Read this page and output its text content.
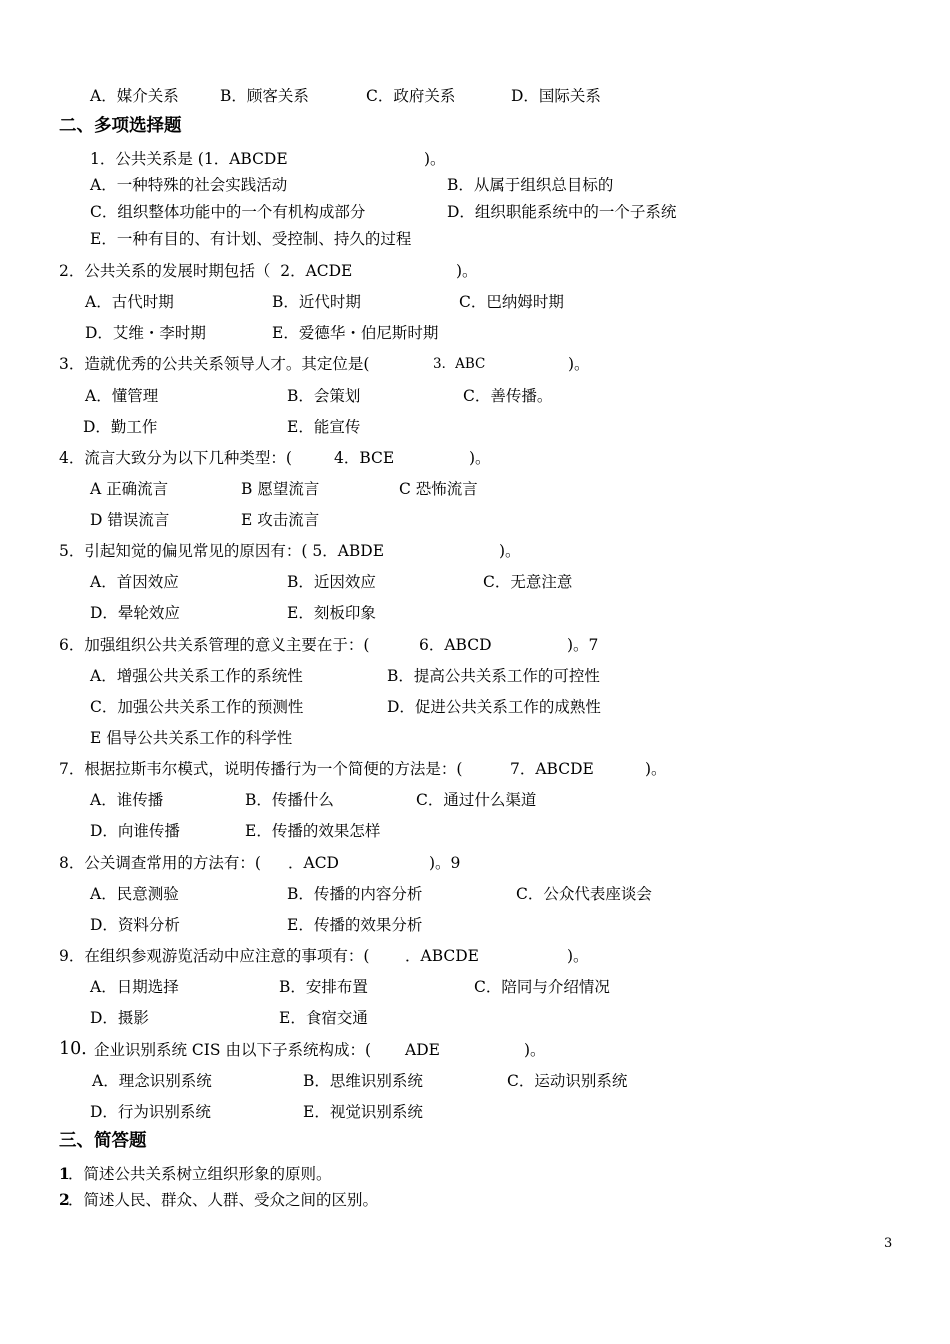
A．媒介关系	B．顾客关系	C．政府关系	D．国际关系
二、多项选择题
1．公共关系是 (1．ABCDE	)。
A．一种特殊的社会实践活动	B．从属于组织总目标的
C．组织整体功能中的一个有机构成部分	D．组织职能系统中的一个子系统
E．一种有目的、有计划、受控制、持久的过程
2．公共关系的发展时期包括（  2．ACDE	)。
A．古代时期	B．近代时期	C．巴纳姆时期
D．艾维・李时期	E．爱德华・伯尼斯时期
3．造就优秀的公共关系领导人才。其定位是(	3．ABC	)。
A．懂管理	B．会策划	C．善传播。
D．勤工作	E．能宣传
4．流言大致分为以下几种类型：(	4．BCE	)。
A 正确流言	B 愿望流言	C 恐怖流言
D 错误流言	E 攻击流言
5．引起知觉的偏见常见的原因有：( 5．ABDE	)。
A．首因效应	B．近因效应	C．无意注意
D．晕轮效应	E．刻板印象
6．加强组织公共关系管理的意义主要在于：(	6．ABCD	)。7
A．增强公共关系工作的系统性	B．提高公共关系工作的可控性
C．加强公共关系工作的预测性	D．促进公共关系工作的成熟性
E 倡导公共关系工作的科学性
7．根据拉斯韦尔模式，说明传播行为一个简便的方法是：(	7．ABCDE	)。
A．谁传播	B．传播什么	C．通过什么渠道
D．向谁传播	E．传播的效果怎样
8．公关调查常用的方法有：( ．ACD	)。9
A．民意测验	B．传播的内容分析	C．公众代表座谈会
D．资料分析	E．传播的效果分析
9．在组织参观游览活动中应注意的事项有：( ．ABCDE	)。
A．日期选择	B．安排布置	C．陪同与介绍情况
D．摄影	E．食宿交通
10．
企业识别系统 CIS 由以下子系统构成：( ADE	)。
A．理念识别系统	B．思维识别系统	C．运动识别系统
D．行为识别系统	E．视觉识别系统
三、简答题
1
．简述公共关系树立组织形象的原则。
2
．简述人民、群众、人群、受众之间的区别。
3
